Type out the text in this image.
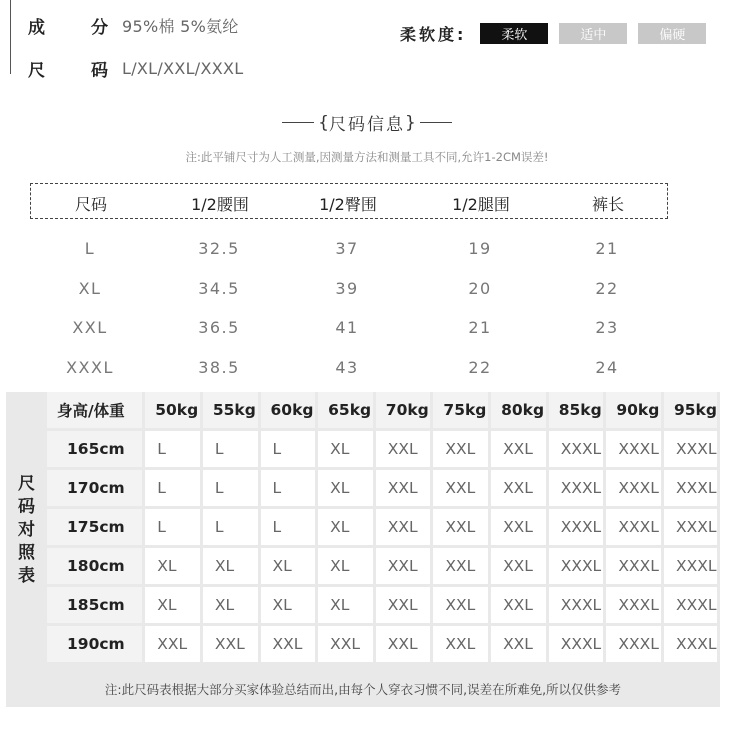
成	分 95%棉 5%氨纶
尺	码 L/XL/XXL/XXXL
柔软度:	柔软	适中	偏硬
{ 尺码信息 }
注:此平铺尺寸为人工测量,因测量方法和测量工具不同,允许1-2CM误差!
尺码	1/2腰围	1/2臀围	1/2腿围	裤长
L	32.5	37	19	21
XL	34.5	39	20	22
XXL	36.5	41	21	23
XXXL	38.5	43	22	24
尺
码
对
照
表
身高/体重	50kg	55kg	60kg	65kg	70kg	75kg	80kg	85kg	90kg	95kg
165cm	L	L	L	XL	XXL	XXL	XXL	XXXL	XXXL	XXXL
170cm	L	L	L	XL	XXL	XXL	XXL	XXXL	XXXL	XXXL
175cm	L	L	L	XL	XXL	XXL	XXL	XXXL	XXXL	XXXL
180cm	XL	XL	XL	XL	XXL	XXL	XXL	XXXL	XXXL	XXXL
185cm	XL	XL	XL	XL	XXL	XXL	XXL	XXXL	XXXL	XXXL
190cm	XXL	XXL	XXL	XXL	XXL	XXL	XXL	XXXL	XXXL	XXXL
注:此尺码表根据大部分买家体验总结而出,由每个人穿衣习惯不同,误差在所难免,所以仅供参考
